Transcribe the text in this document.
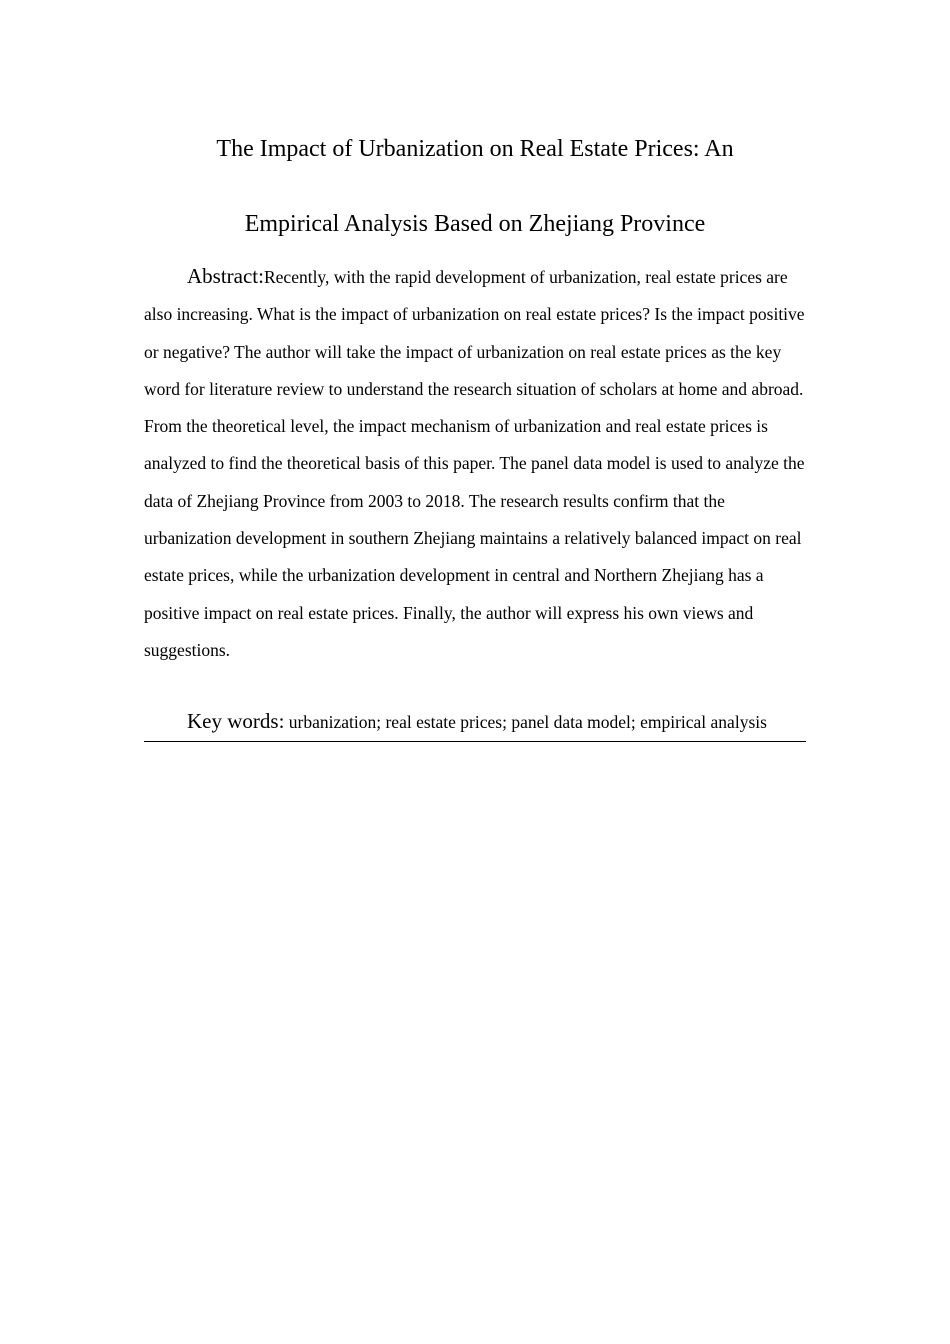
The Impact of Urbanization on Real Estate Prices: An
Empirical Analysis Based on Zhejiang Province

Abstract:Recently, with the rapid development of urbanization, real estate prices are also increasing. What is the impact of urbanization on real estate prices? Is the impact positive or negative? The author will take the impact of urbanization on real estate prices as the key word for literature review to understand the research situation of scholars at home and abroad. From the theoretical level, the impact mechanism of urbanization and real estate prices is analyzed to find the theoretical basis of this paper. The panel data model is used to analyze the data of Zhejiang Province from 2003 to 2018. The research results confirm that the urbanization development in southern Zhejiang maintains a relatively balanced impact on real estate prices, while the urbanization development in central and Northern Zhejiang has a positive impact on real estate prices. Finally, the author will express his own views and suggestions.

Key words: urbanization; real estate prices; panel data model; empirical analysis
